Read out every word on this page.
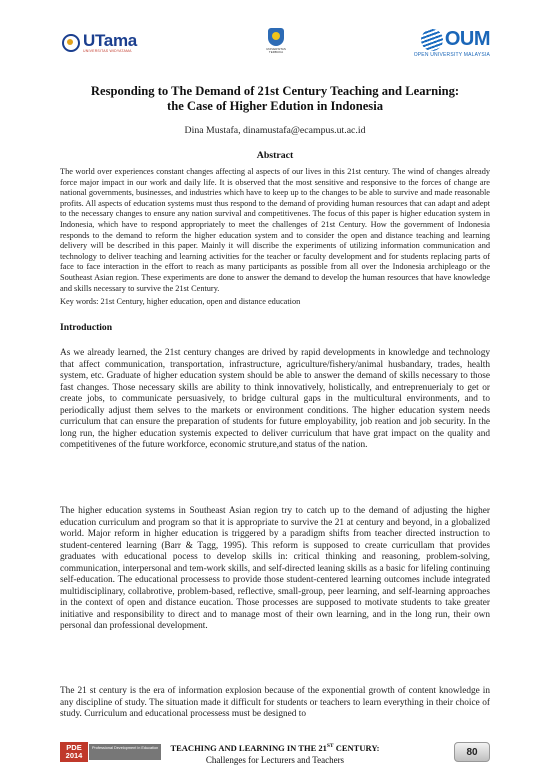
UTama
UNIVERSITAS WIDYATAMA	UNIVERSITAS TERBUKA
OUM
OPEN UNIVERSITY MALAYSIA
Responding to The Demand of 21st Century Teaching and Learning:
the Case of Higher Edution in Indonesia
Dina Mustafa, dinamustafa@ecampus.ut.ac.id
Abstract

The world over experiences constant changes affecting al aspects of our lives in this 21st century. The wind of changes already force major impact in our work and daily life. It is observed that the most sensitive and responsive to the forces of change are national governments, businesses, and industries which have to keep up to the changes to be able to survive and made reasonable profits. All aspects of education systems must thus respond to the demand of providing human resources that can adapt and adept to the necessary changes to ensure any nation survival and competitivenes. The focus of this paper is higher education system in Indonesia, which have to respond appropriately to meet the challenges of 21st Century. How the government of Indonesia responds to the demand to reform the higher education system and to consider the open and distance teaching and learning delivery will be described in this paper. Mainly it will discribe the experiments of utilizing information communication and technology to deliver teaching and learning activities for the teacher or faculty development and for students replacing parts of face to face interaction in the effort to reach as many participants as possible from all over the Indonesia archipleago or the Southeast Asian region. These experiments are done to answer the demand to develop the human resources that have knowledge and skills necessary to survive the 21st Century.

Key words: 21st Century, higher education, open and distance education

Introduction

As we already learned, the 21st century changes are drived by rapid developments in knowledge and technology that affect communication, transportation, infrastructure, agriculture/fishery/animal husbandary, trades, health system, etc. Graduate of higher education system should be able to answer the demand of skills necessary to those fast changes. Those necessary skills are ability to think innovatively, holistically, and entreprenuerialy to get or create jobs, to communicate persuasively, to bridge cultural gaps in the multicultural environments, and to periodically adjust them selves to the markets or environment conditions. The higher education system needs curriculum that can ensure the preparation of students for future employability, job reation and job security. In the long run, the higher education systemis expected to deliver curriculum that have grat impact on the quality and competitivenes of the future workforce, economic struture,and status of the nation.

The higher education systems in Southeast Asian region try to catch up to the demand of adjusting the higher education curriculum and program so that it is appropriate to survive the 21 at century and beyond, in a globalized world. Major reform in higher education is triggered by a paradigm shifts from teacher directed instruction to student-centered learning (Barr & Tagg, 1995). This reform is supposed to create curricullam that provides graduates with educational pocess to develop skills in: critical thinking and reasoning, problem-solving, communication, interpersonal and tem-work skills, and self-directed leaning skills as a basic for lifeling continuing self-education. The educational processess to provide those student-centered learning outcomes include integrated multidisciplinary, collabrotive, problem-based, reflective, small-group, peer learning, and self-learning approaches in the context of open and distance eucation. Those processes are supposed to motivate students to take greater initiative and responsibility to direct and to manage most of their own learning, and in the long run, their own personal dan professional development.

The 21 st century is the era of information explosion because of the exponential growth of content knowledge in any discipline of study. The situation made it difficult for students or teachers to learn everything in their choice of study. Curriculum and educational processess must be designed to

PDE 2014
Professional Development in Education	TEACHING AND LEARNING IN THE 21ST CENTURY:
Challenges for Lecturers and Teachers
80
